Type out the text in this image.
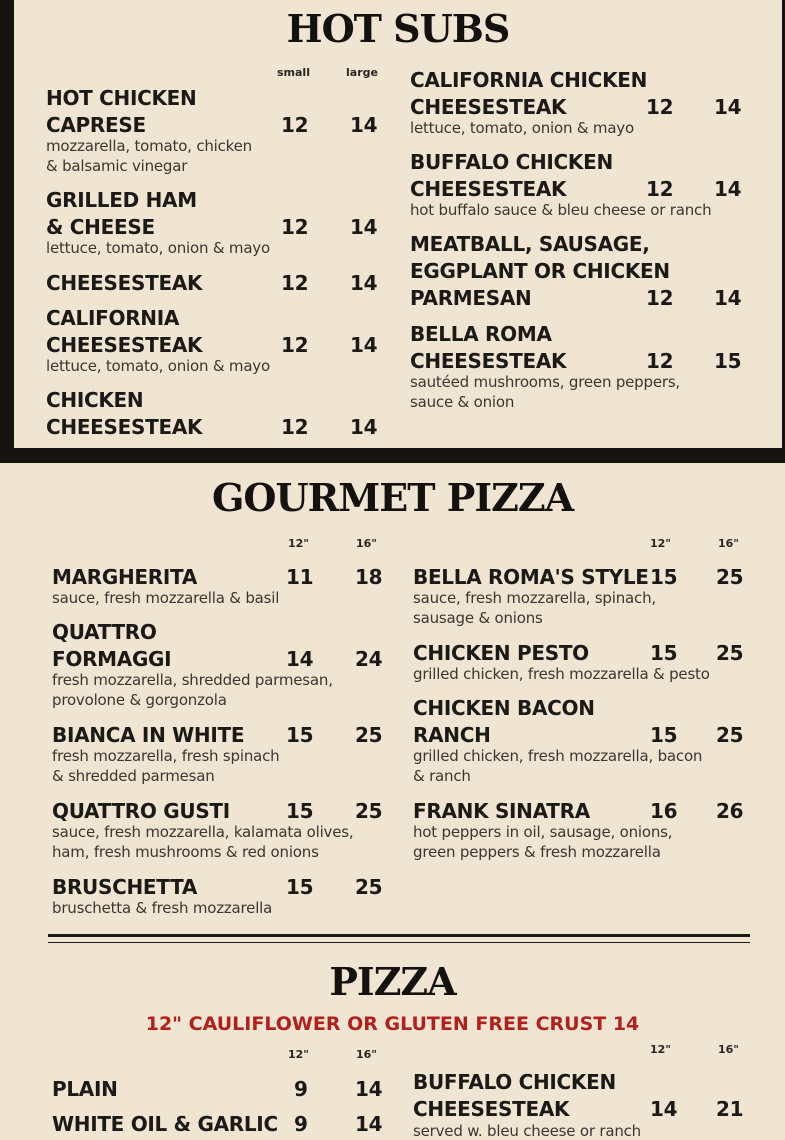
HOT SUBS
small	large
HOT CHICKEN
CAPRESE	12 14
mozzarella, tomato, chicken
& balsamic vinegar
GRILLED HAM
& CHEESE	12 14
lettuce, tomato, onion & mayo
CHEESESTEAK	12 14
CALIFORNIA
CHEESESTEAK	12 14
lettuce, tomato, onion & mayo
CHICKEN
CHEESESTEAK	12 14
CALIFORNIA CHICKEN
CHEESESTEAK	12 14
lettuce, tomato, onion & mayo
BUFFALO CHICKEN
CHEESESTEAK	12 14
hot buffalo sauce & bleu cheese or ranch
MEATBALL, SAUSAGE,
EGGPLANT OR CHICKEN
PARMESAN	12 14
BELLA ROMA
CHEESESTEAK	12 15
sautéed mushrooms, green peppers,
sauce & onion
GOURMET PIZZA
12"	16"	12"	16"
MARGHERITA	11 18
sauce, fresh mozzarella & basil
QUATTRO
FORMAGGI	14 24
fresh mozzarella, shredded parmesan,
provolone & gorgonzola
BIANCA IN WHITE 15 25
fresh mozzarella, fresh spinach
& shredded parmesan
QUATTRO GUSTI	15 25
sauce, fresh mozzarella, kalamata olives,
ham, fresh mushrooms & red onions
BRUSCHETTA	15 25
bruschetta & fresh mozzarella
BELLA ROMA'S STYLE 15 25
sauce, fresh mozzarella, spinach,
sausage & onions
CHICKEN PESTO	15 25
grilled chicken, fresh mozzarella & pesto
CHICKEN BACON
RANCH	15 25
grilled chicken, fresh mozzarella, bacon
& ranch
FRANK SINATRA	16 26
hot peppers in oil, sausage, onions,
green peppers & fresh mozzarella
PIZZA
12" CAULIFLOWER OR GLUTEN FREE CRUST 14
12"	16"	12"	16"
PLAIN	9 14
WHITE OIL & GARLIC 9 14
BUFFALO CHICKEN
CHEESESTEAK	14 21
served w. bleu cheese or ranch
